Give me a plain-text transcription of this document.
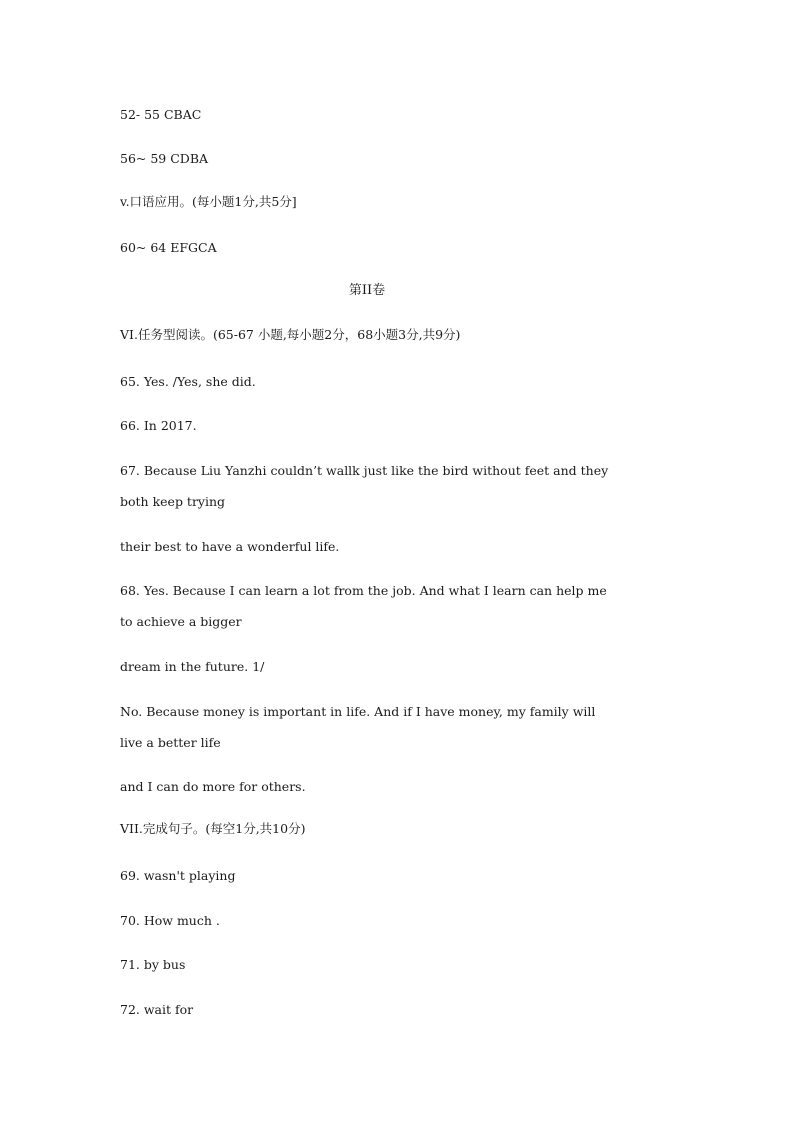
52- 55 CBAC

56~ 59 CDBA

v.口语应用。(每小题1分,共5分]

60~ 64 EFGCA

第II卷

VI.任务型阅读。(65-67 小题,每小题2分，68小题3分,共9分)

65. Yes. /Yes, she did.

66. In 2017.

67. Because Liu Yanzhi couldn’t wallk just like the bird without feet and they

both keep trying

their best to have a wonderful life.

68. Yes. Because I can learn a lot from the job. And what I learn can help me

to achieve a bigger

dream in the future. 1/

No. Because money is important in life. And if I have money, my family will

live a better life

and I can do more for others.

VII.完成句子。(每空1分,共10分)

69. wasn't playing

70. How much .

71. by bus

72. wait for
